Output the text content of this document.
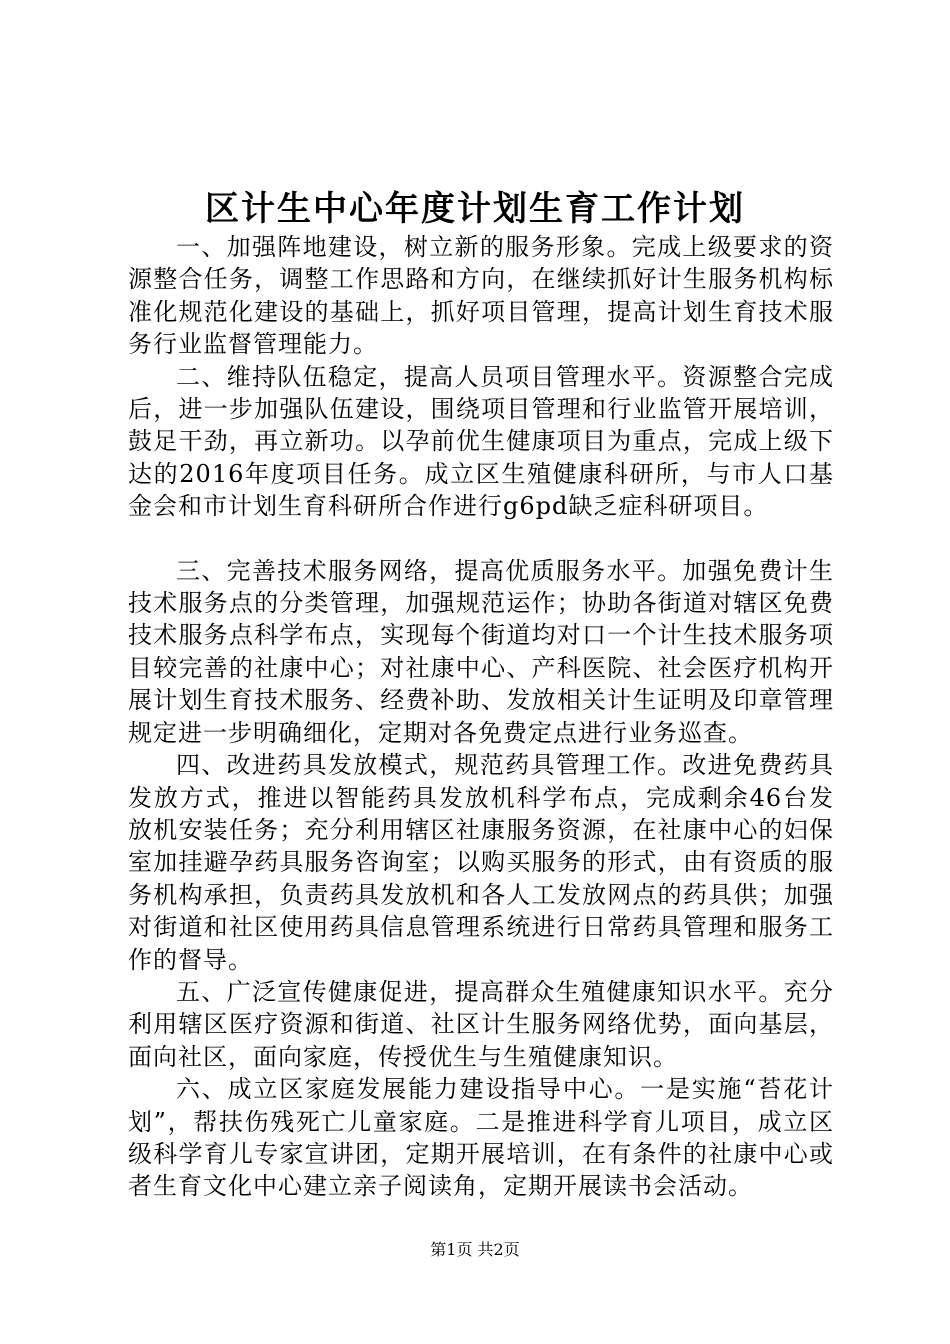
区计生中心年度计划生育工作计划

一、加强阵地建设，树立新的服务形象。完成上级要求的资源整合任务，调整工作思路和方向，在继续抓好计生服务机构标准化规范化建设的基础上，抓好项目管理，提高计划生育技术服务行业监督管理能力。

二、维持队伍稳定，提高人员项目管理水平。资源整合完成后，进一步加强队伍建设，围绕项目管理和行业监管开展培训，鼓足干劲，再立新功。以孕前优生健康项目为重点，完成上级下达的2016年度项目任务。成立区生殖健康科研所，与市人口基金会和市计划生育科研所合作进行g6pd缺乏症科研项目。

三、完善技术服务网络，提高优质服务水平。加强免费计生技术服务点的分类管理，加强规范运作；协助各街道对辖区免费技术服务点科学布点，实现每个街道均对口一个计生技术服务项目较完善的社康中心；对社康中心、产科医院、社会医疗机构开展计划生育技术服务、经费补助、发放相关计生证明及印章管理规定进一步明确细化，定期对各免费定点进行业务巡查。

四、改进药具发放模式，规范药具管理工作。改进免费药具发放方式，推进以智能药具发放机科学布点，完成剩余46台发放机安装任务；充分利用辖区社康服务资源，在社康中心的妇保室加挂避孕药具服务咨询室；以购买服务的形式，由有资质的服务机构承担，负责药具发放机和各人工发放网点的药具供；加强对街道和社区使用药具信息管理系统进行日常药具管理和服务工作的督导。

五、广泛宣传健康促进，提高群众生殖健康知识水平。充分利用辖区医疗资源和街道、社区计生服务网络优势，面向基层，面向社区，面向家庭，传授优生与生殖健康知识。

六、成立区家庭发展能力建设指导中心。一是实施“苔花计划”，帮扶伤残死亡儿童家庭。二是推进科学育儿项目，成立区级科学育儿专家宣讲团，定期开展培训，在有条件的社康中心或者生育文化中心建立亲子阅读角，定期开展读书会活动。

第1页 共2页
